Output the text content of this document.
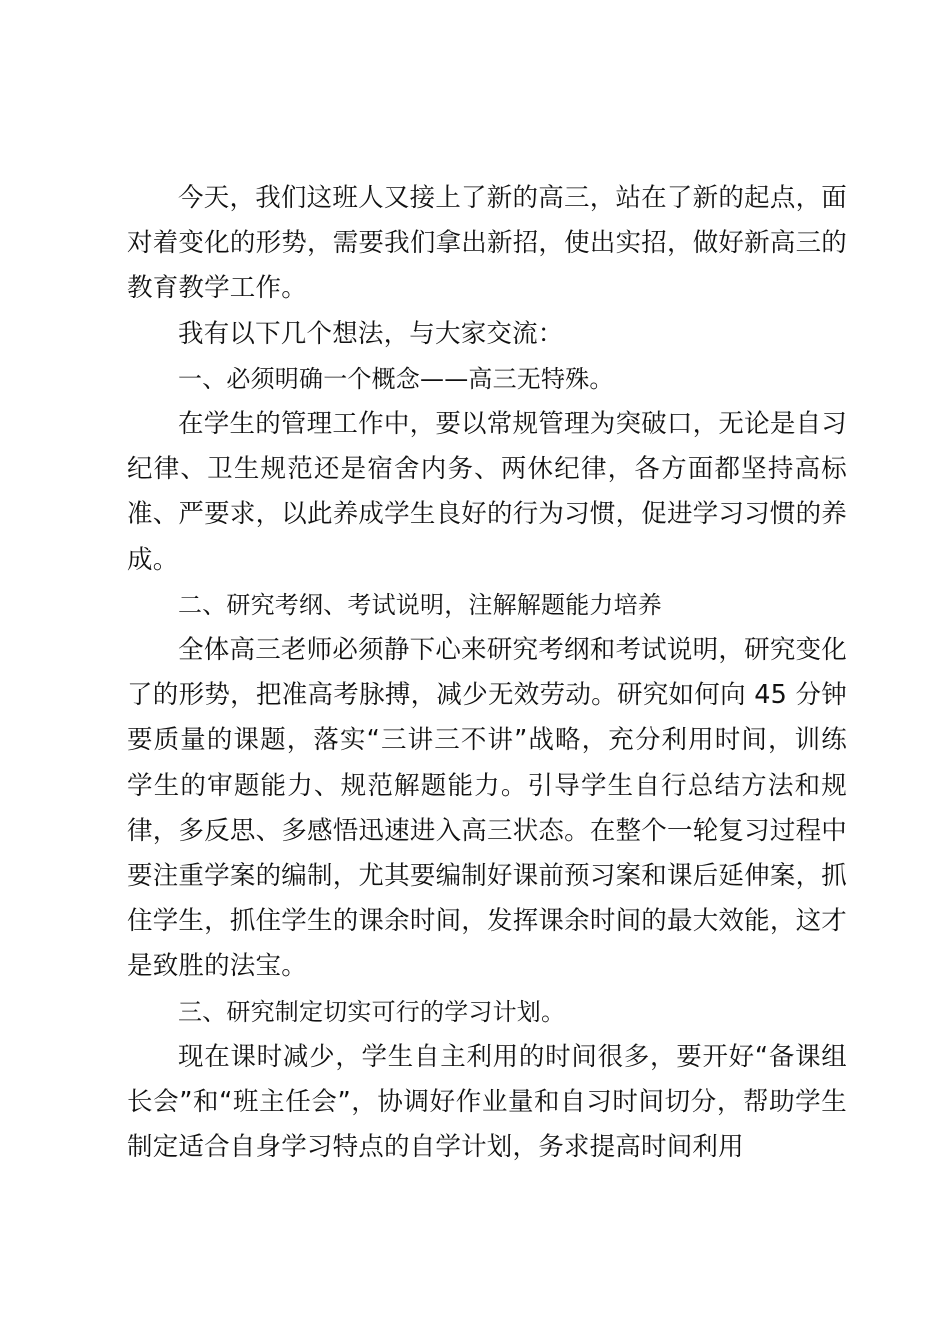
今天，我们这班人又接上了新的高三，站在了新的起点，面对着变化的形势，需要我们拿出新招，使出实招，做好新高三的教育教学工作。

我有以下几个想法，与大家交流：

一、必须明确一个概念——高三无特殊。

在学生的管理工作中，要以常规管理为突破口，无论是自习纪律、卫生规范还是宿舍内务、两休纪律，各方面都坚持高标准、严要求，以此养成学生良好的行为习惯，促进学习习惯的养成。

二、研究考纲、考试说明，注解解题能力培养

全体高三老师必须静下心来研究考纲和考试说明，研究变化了的形势，把准高考脉搏，减少无效劳动。研究如何向 45 分钟要质量的课题，落实“三讲三不讲”战略，充分利用时间，训练学生的审题能力、规范解题能力。引导学生自行总结方法和规律，多反思、多感悟迅速进入高三状态。在整个一轮复习过程中要注重学案的编制，尤其要编制好课前预习案和课后延伸案，抓住学生，抓住学生的课余时间，发挥课余时间的最大效能，这才是致胜的法宝。

三、研究制定切实可行的学习计划。

现在课时减少，学生自主利用的时间很多，要开好“备课组长会”和“班主任会”，协调好作业量和自习时间切分，帮助学生制定适合自身学习特点的自学计划，务求提高时间利用
